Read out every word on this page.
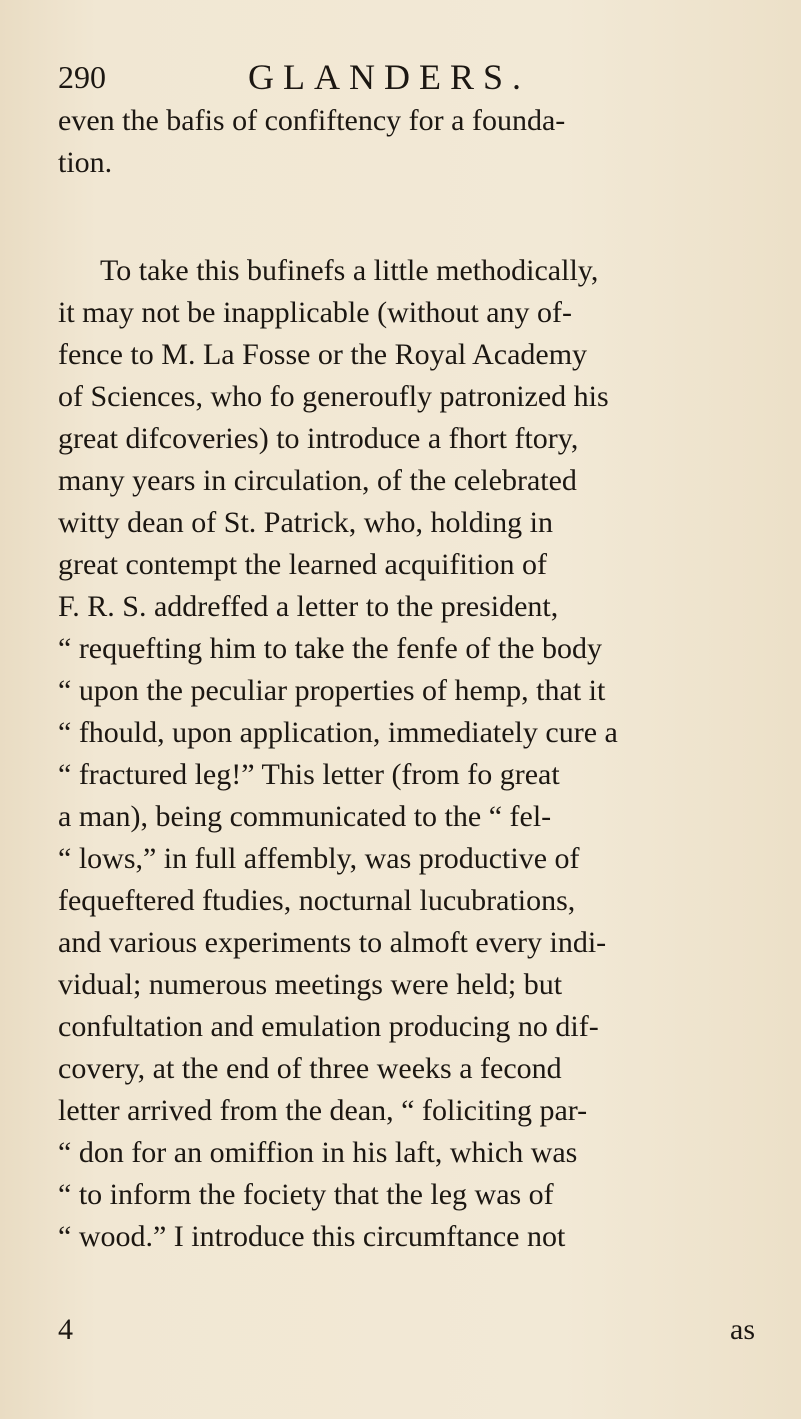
290	GLANDERS.
even the bafis of confiftency for a founda-
tion.
To take this bufinefs a little methodically,
it may not be inapplicable (without any of-
fence to M. La Fosse or the Royal Academy
of Sciences, who fo generoufly patronized his
great difcoveries) to introduce a fhort ftory,
many years in circulation, of the celebrated
witty dean of St. Patrick, who, holding in
great contempt the learned acquifition of
F. R. S. addreffed a letter to the president,
“ requefting him to take the fenfe of the body
“ upon the peculiar properties of hemp, that it
“ fhould, upon application, immediately cure a
“ fractured leg!” This letter (from fo great
a man), being communicated to the “ fel-
“ lows,” in full affembly, was productive of
fequeftered ftudies, nocturnal lucubrations,
and various experiments to almoft every indi-
vidual; numerous meetings were held; but
confultation and emulation producing no dif-
covery, at the end of three weeks a fecond
letter arrived from the dean, “ foliciting par-
“ don for an omiffion in his laft, which was
“ to inform the fociety that the leg was of
“ wood.” I introduce this circumftance not
4	as
